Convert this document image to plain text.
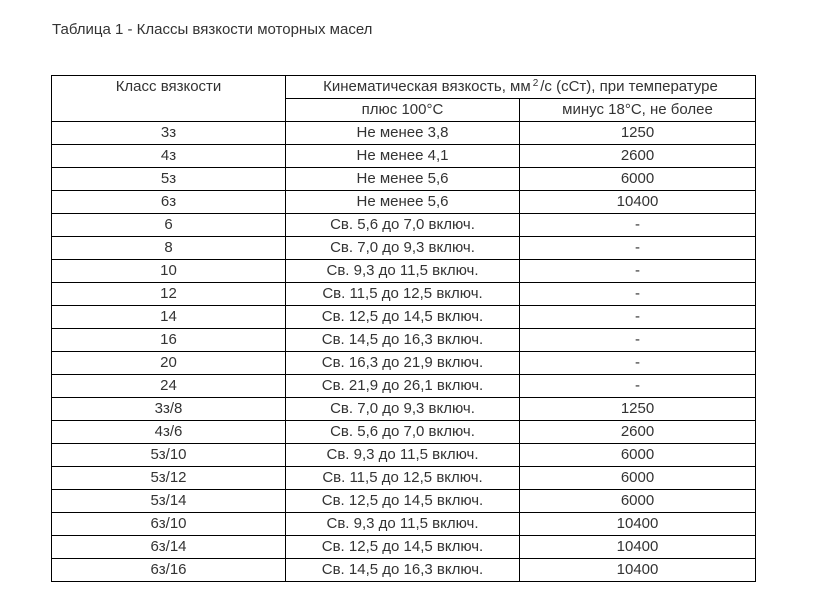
Таблица 1 - Классы вязкости моторных масел
Класс вязкости	Кинематическая вязкость, мм $^2$ /с (сСт), при температуре	
	плюс 100°С	минус 18°С, не более
3з	Не менее 3,8	1250
4з	Не менее 4,1	2600
5з	Не менее 5,6	6000
6з	Не менее 5,6	10400
6	Св. 5,6 до 7,0 включ.	-
8	Св. 7,0 до 9,3 включ.	-
10	Св. 9,3 до 11,5 включ.	-
12	Св. 11,5 до 12,5 включ.	-
14	Св. 12,5 до 14,5 включ.	-
16	Св. 14,5 до 16,3 включ.	-
20	Св. 16,3 до 21,9 включ.	-
24	Св. 21,9 до 26,1 включ.	-
3з/8	Св. 7,0 до 9,3 включ.	1250
4з/6	Св. 5,6 до 7,0 включ.	2600
5з/10	Св. 9,3 до 11,5 включ.	6000
5з/12	Св. 11,5 до 12,5 включ.	6000
5з/14	Св. 12,5 до 14,5 включ.	6000
6з/10	Св. 9,3 до 11,5 включ.	10400
6з/14	Св. 12,5 до 14,5 включ.	10400
6з/16	Св. 14,5 до 16,3 включ.	10400
